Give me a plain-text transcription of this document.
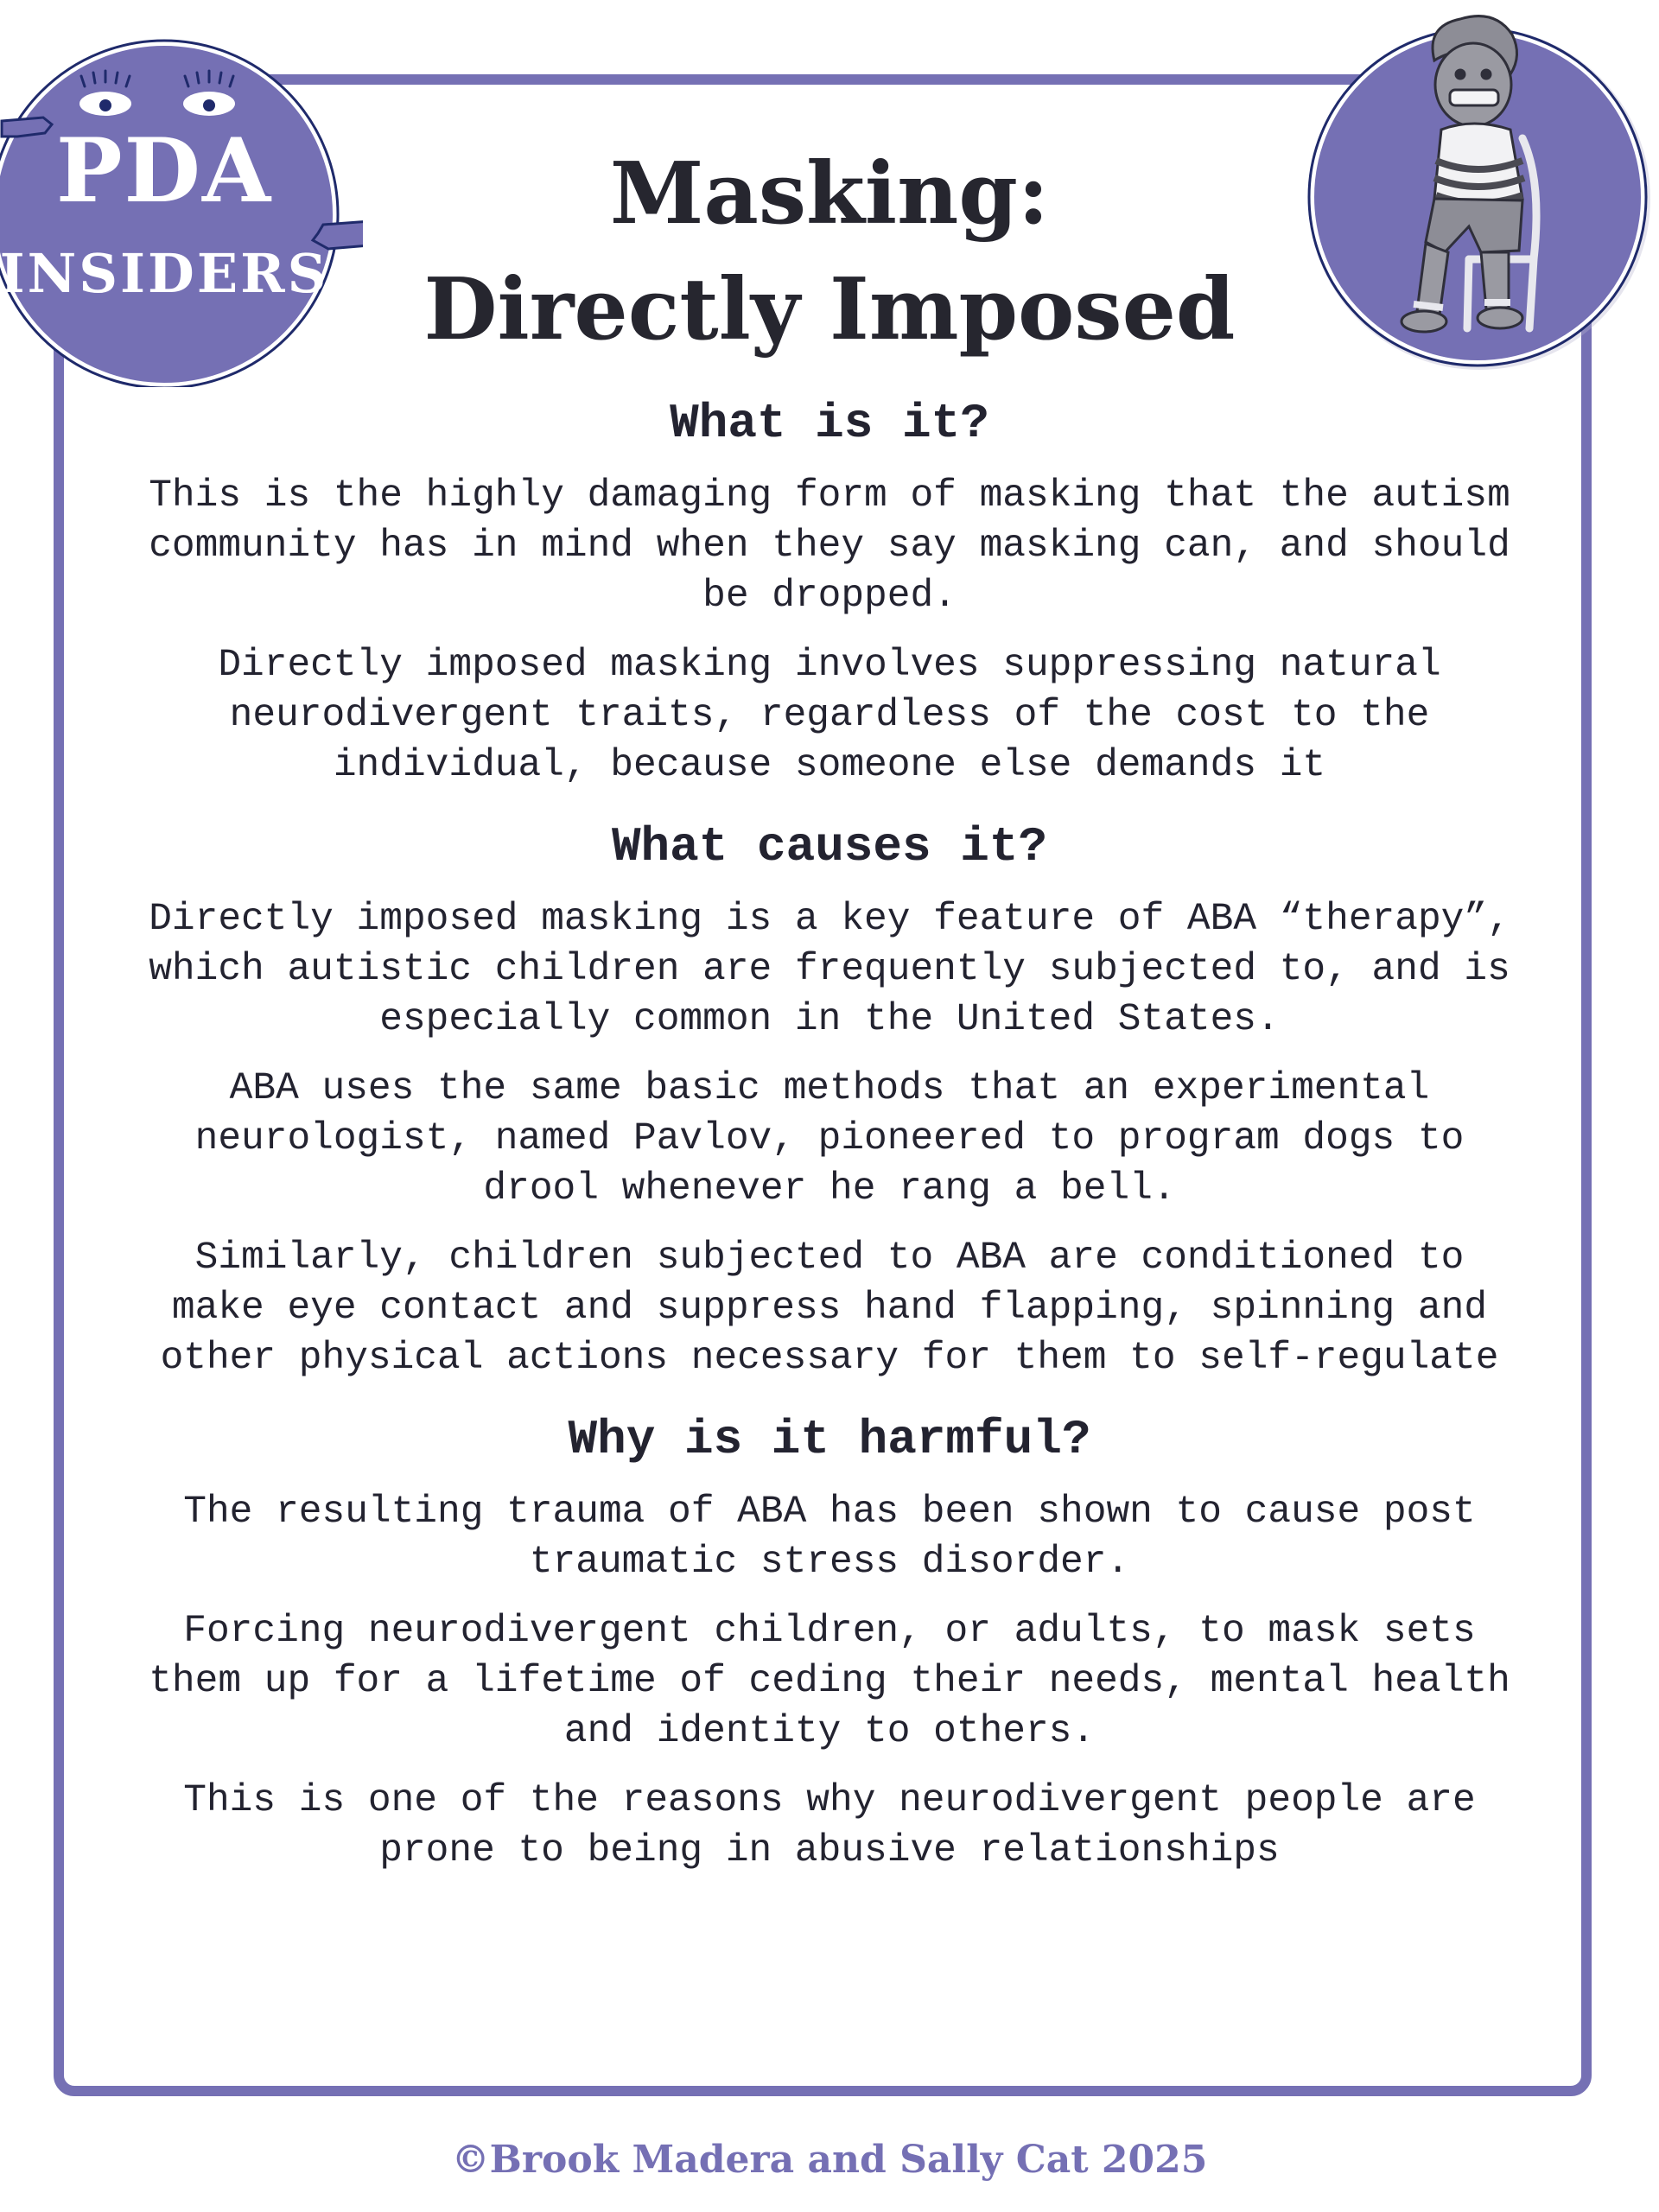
PDA
INSIDERS
Masking:
Directly Imposed
What is it?

This is the highly damaging form of masking that the autism community has in mind when they say masking can, and should be dropped.

Directly imposed masking involves suppressing natural neurodivergent traits, regardless of the cost to the individual, because someone else demands it

What causes it?

Directly imposed masking is a key feature of ABA “therapy”, which autistic children are frequently subjected to, and is especially common in the United States.

ABA uses the same basic methods that an experimental neurologist, named Pavlov, pioneered to program dogs to drool whenever he rang a bell.

Similarly, children subjected to ABA are conditioned to make eye contact and suppress hand flapping, spinning and other physical actions necessary for them to self-regulate

Why is it harmful?

The resulting trauma of ABA has been shown to cause post traumatic stress disorder.

Forcing neurodivergent children, or adults, to mask sets them up for a lifetime of ceding their needs, mental health and identity to others.

This is one of the reasons why neurodivergent people are prone to being in abusive relationships

©Brook Madera and Sally Cat 2025
